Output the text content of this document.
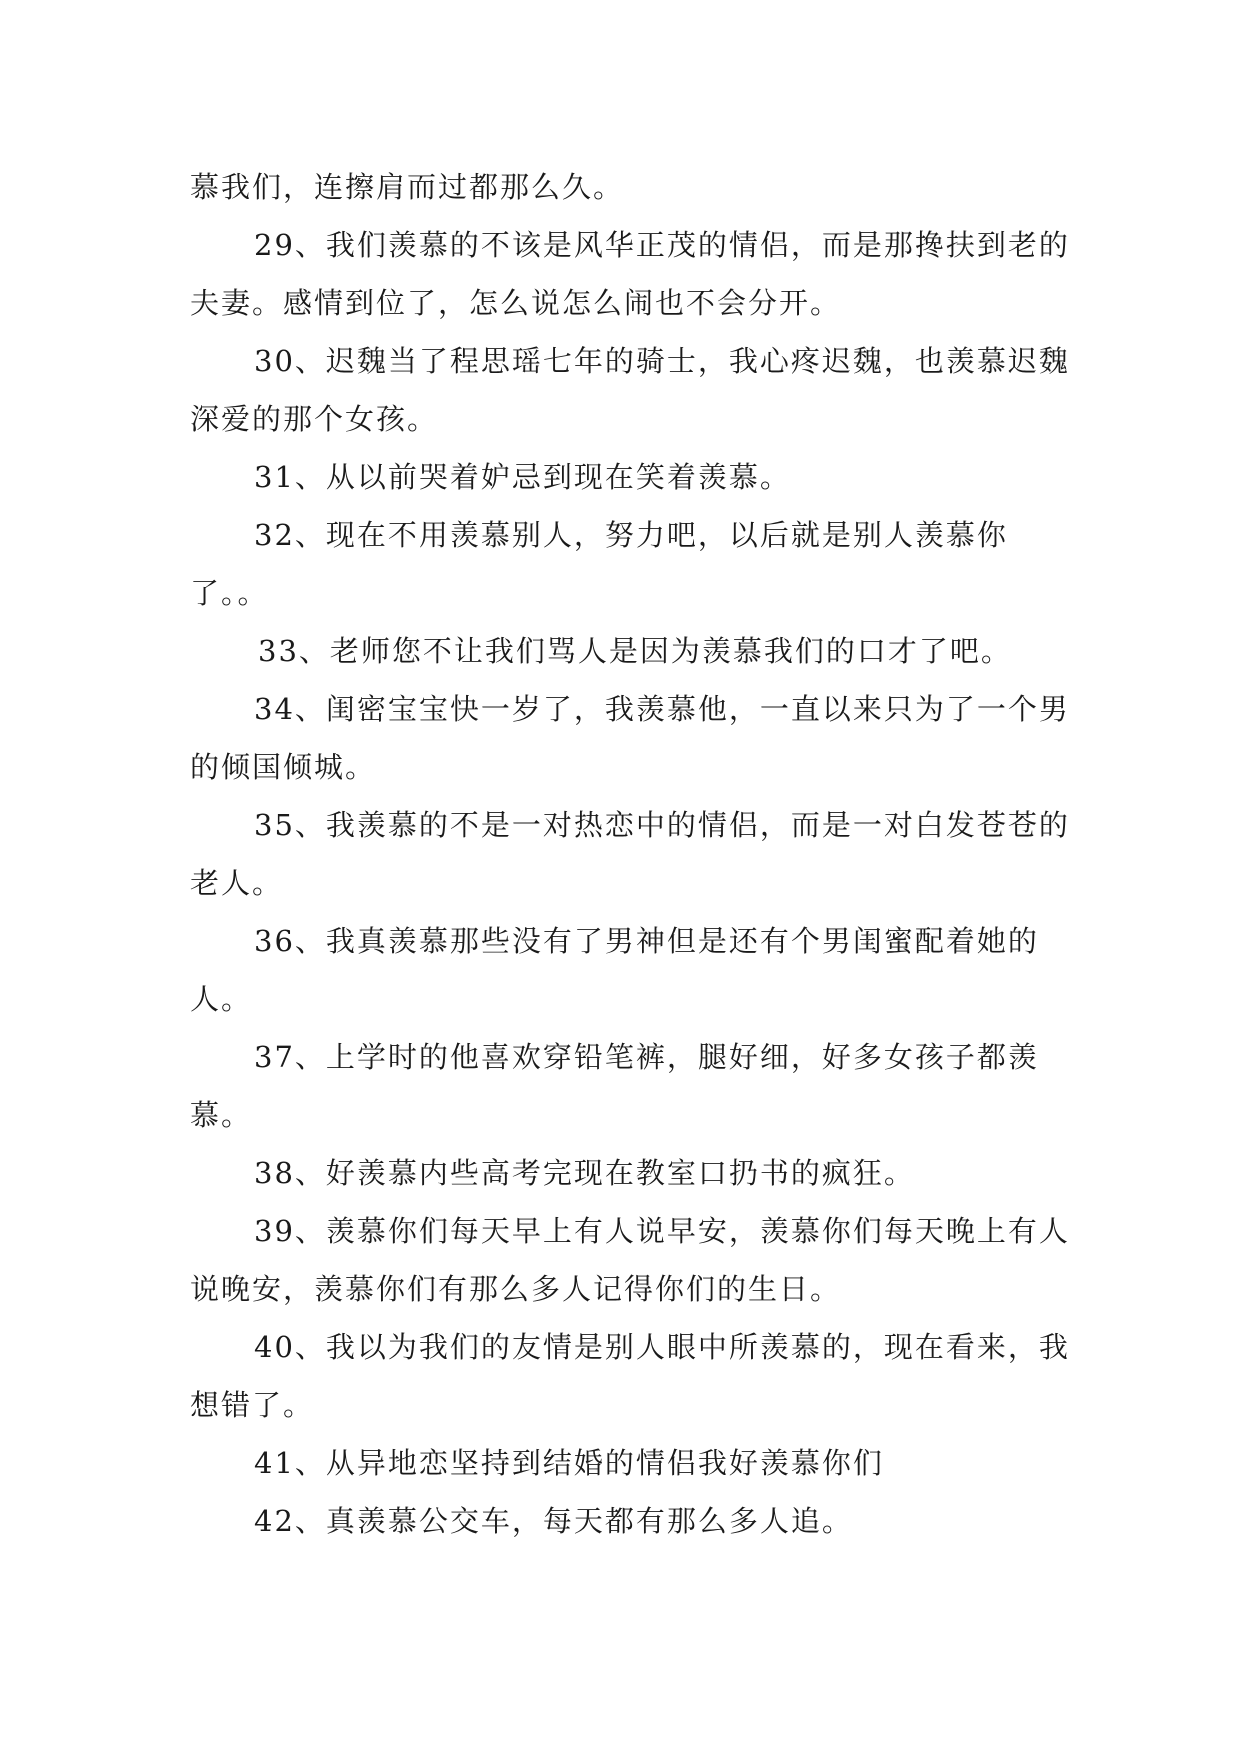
慕我们，连擦肩而过都那么久。

29、我们羡慕的不该是风华正茂的情侣，而是那搀扶到老的夫妻。感情到位了，怎么说怎么闹也不会分开。

30、迟魏当了程思瑶七年的骑士，我心疼迟魏，也羡慕迟魏深爱的那个女孩。

31、从以前哭着妒忌到现在笑着羡慕。

32、现在不用羡慕别人，努力吧，以后就是别人羡慕你了。。

33、老师您不让我们骂人是因为羡慕我们的口才了吧。

34、闺密宝宝快一岁了，我羡慕他，一直以来只为了一个男的倾国倾城。

35、我羡慕的不是一对热恋中的情侣，而是一对白发苍苍的老人。

36、我真羡慕那些没有了男神但是还有个男闺蜜配着她的人。

37、上学时的他喜欢穿铅笔裤，腿好细，好多女孩子都羡慕。

38、好羡慕内些高考完现在教室口扔书的疯狂。

39、羡慕你们每天早上有人说早安，羡慕你们每天晚上有人说晚安，羡慕你们有那么多人记得你们的生日。

40、我以为我们的友情是别人眼中所羡慕的，现在看来，我想错了。

41、从异地恋坚持到结婚的情侣我好羡慕你们

42、真羡慕公交车，每天都有那么多人追。
